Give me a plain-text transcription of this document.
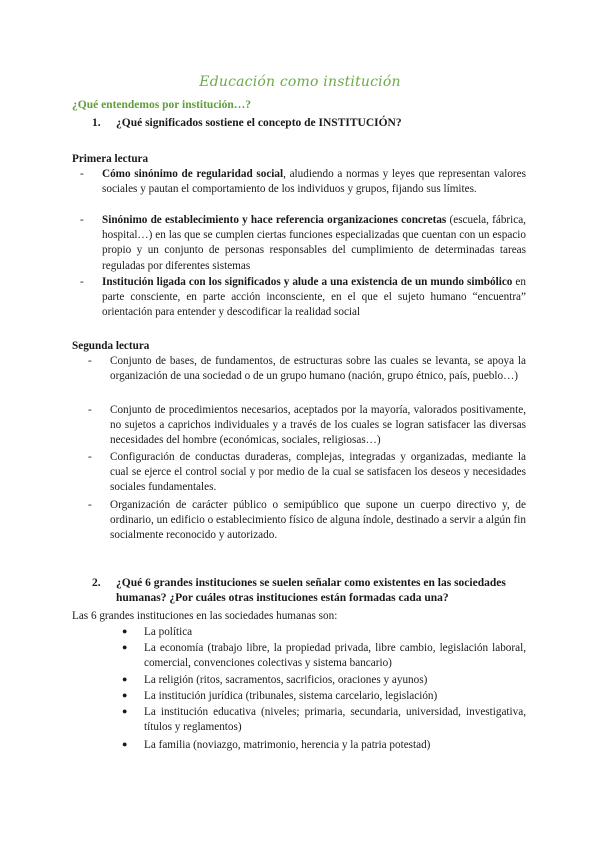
Educación como institución
¿Qué entendemos por institución…?
1. ¿Qué significados sostiene el concepto de INSTITUCIÓN?
Primera lectura
- Cómo sinónimo de regularidad social, aludiendo a normas y leyes que representan valores sociales y pautan el comportamiento de los individuos y grupos, fijando sus límites.
- Sinónimo de establecimiento y hace referencia organizaciones concretas (escuela, fábrica, hospital…) en las que se cumplen ciertas funciones especializadas que cuentan con un espacio propio y un conjunto de personas responsables del cumplimiento de determinadas tareas reguladas por diferentes sistemas
- Institución ligada con los significados y alude a una existencia de un mundo simbólico en parte consciente, en parte acción inconsciente, en el que el sujeto humano “encuentra” orientación para entender y descodificar la realidad social
Segunda lectura
- Conjunto de bases, de fundamentos, de estructuras sobre las cuales se levanta, se apoya la organización de una sociedad o de un grupo humano (nación, grupo étnico, país, pueblo…)
- Conjunto de procedimientos necesarios, aceptados por la mayoría, valorados positivamente, no sujetos a caprichos individuales y a través de los cuales se logran satisfacer las diversas necesidades del hombre (económicas, sociales, religiosas…)
- Configuración de conductas duraderas, complejas, integradas y organizadas, mediante la cual se ejerce el control social y por medio de la cual se satisfacen los deseos y necesidades sociales fundamentales.
- Organización de carácter público o semipúblico que supone un cuerpo directivo y, de ordinario, un edificio o establecimiento físico de alguna índole, destinado a servir a algún fin socialmente reconocido y autorizado.
2.	¿Qué 6 grandes instituciones se suelen señalar como existentes en las sociedades humanas? ¿Por cuáles otras instituciones están formadas cada una?
Las 6 grandes instituciones en las sociedades humanas son:
● La política
● La economía (trabajo libre, la propiedad privada, libre cambio, legislación laboral, comercial, convenciones colectivas y sistema bancario)
● La religión (ritos, sacramentos, sacrificios, oraciones y ayunos)
● La institución jurídica (tribunales, sistema carcelario, legislación)
● La institución educativa (niveles; primaria, secundaria, universidad, investigativa, títulos y reglamentos)
● La familia (noviazgo, matrimonio, herencia y la patria potestad)
